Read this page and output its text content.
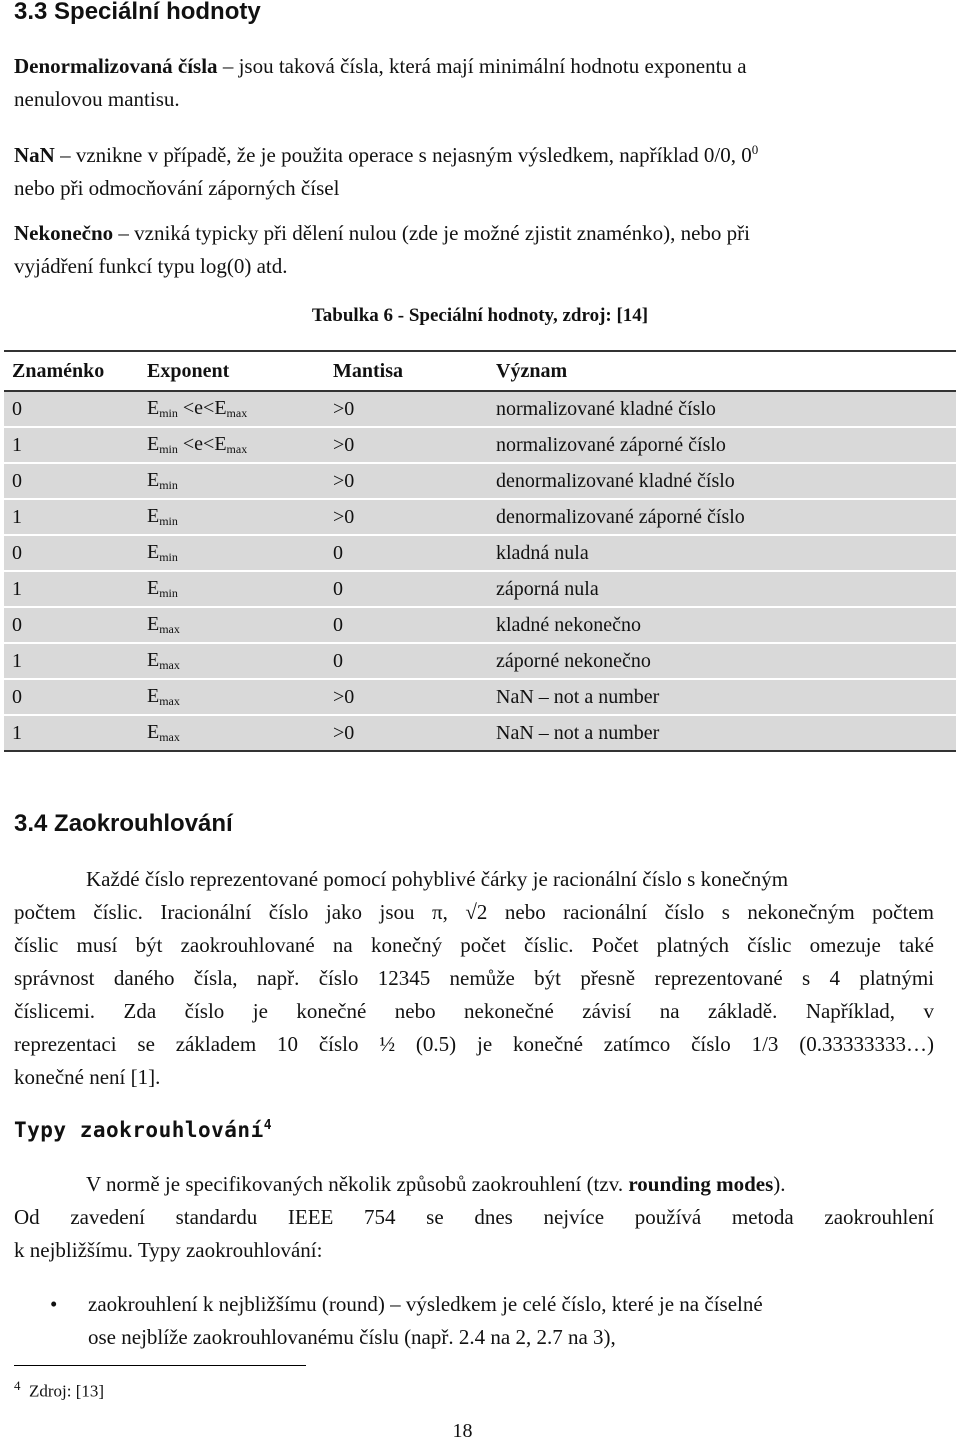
3.3 Speciální hodnoty

Denormalizovaná čísla – jsou taková čísla, která mají minimální hodnotu exponentu a
nenulovou mantisu.

NaN – vznikne v případě, že je použita operace s nejasným výsledkem, například 0/0, $0^0$
nebo při odmocňování záporných čísel

Nekonečno – vzniká typicky při dělení nulou (zde je možné zjistit znaménko), nebo při
vyjádření funkcí typu log(0) atd.

Tabulka 6 - Speciální hodnoty, zdroj: [14]

Znaménko	Exponent	Mantisa	Význam
0	$E_{min} <e<E_{max}$	>0	normalizované kladné číslo
1	$E_{min} <e<E_{max}$	>0	normalizované záporné číslo
0	$E_{min}$	>0	denormalizované kladné číslo
1	$E_{min}$	>0	denormalizované záporné číslo
0	$E_{min}$	0	kladná nula
1	$E_{min}$	0	záporná nula
0	$E_{max}$	0	kladné nekonečno
1	$E_{max}$	0	záporné nekonečno
0	$E_{max}$	>0	NaN – not a number
1	$E_{max}$	>0	NaN – not a number
3.4 Zaokrouhlování

Každé číslo reprezentované pomocí pohyblivé čárky je racionální číslo s konečným
počtem číslic. Iracionální číslo jako jsou π, √2 nebo racionální číslo s nekonečným počtem
číslic musí být zaokrouhlované na konečný počet číslic. Počet platných číslic omezuje také
správnost daného čísla, např. číslo 12345 nemůže být přesně reprezentované s 4 platnými
číslicemi. Zda číslo je konečné nebo nekonečné závisí na základě. Například, v
reprezentaci se základem 10 číslo ½ (0.5) je konečné zatímco číslo 1/3 (0.33333333…)
konečné není [1].

Typy zaokrouhlování$^4$

V normě je specifikovaných několik způsobů zaokrouhlení (tzv. rounding modes).
Od zavedení standardu IEEE 754 se dnes nejvíce používá metoda zaokrouhlení
k nejbližšímu. Typy zaokrouhlování:

• zaokrouhlení k nejbližšímu (round) – výsledkem je celé číslo, které je na číselné
ose nejblíže zaokrouhlovanému číslu (např. 2.4 na 2, 2.7 na 3),

$^4$ Zdroj: [13]

18
